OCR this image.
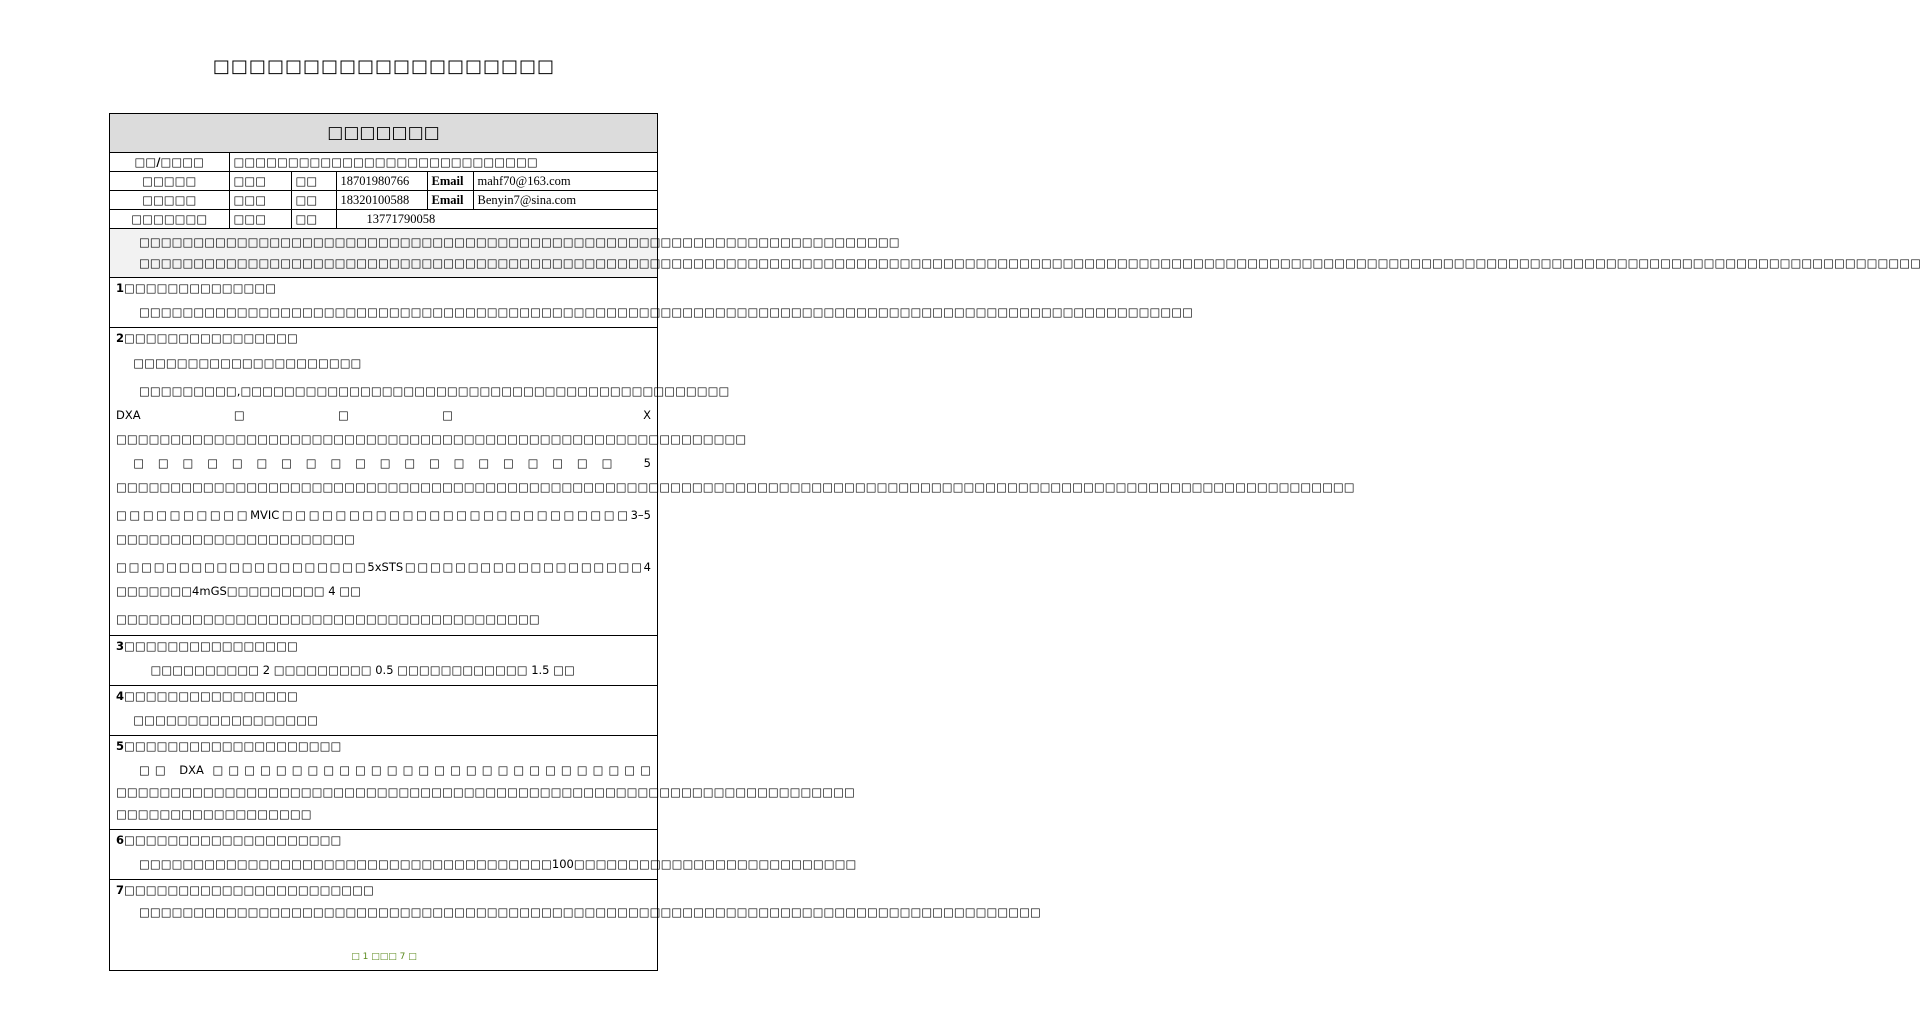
□□□□□□□□□□□□□□□□□□□
□□□□□□□
□□/□□□□	□□□□□□□□□□□□□□□□□□□□□□□□□□□□				
□□□□□	□□□	□□	18701980766	Email	mahf70@163.com
□□□□□	□□□	□□	18320100588	Email	Benyin7@sina.com
□□□□□□□	□□□	□□	13771790058		

□□□□□□□□□□□□□□□□□□□□□□□□□□□□□□□□□□□□□□□□□□□□□□□□□□□□□□□□□□□□□□□□□□□□□□

□□□□□□□□□□□□□□□□□□□□□□□□□□□□□□□□□□□□□□□□□□□□□□□□□□□□□□□□□□□□□□□□□□□□□□□□□□□□□□□□□□□□□□□□□□□□□□□□□□□□□□□□□□□□□□□□□□□□□□□□□□□□□□□□□□□□□□□□□□□□□□□□□□□□□□□□□□□□□□□□□□□□

1□□□□□□□□□□□□□□

□□□□□□□□□□□□□□□□□□□□□□□□□□□□□□□□□□□□□□□□□□□□□□□□□□□□□□□□□□□□□□□□□□□□□□□□□□□□□□□□□□□□□□□□□□□□□□□□□

2□□□□□□□□□□□□□□□□

□□□□□□□□□□□□□□□□□□□□□

□□□□□□□□□,□□□□□□□□□□□□□□□□□□□□□□□□□□□□□□□□□□□□□□□□□□□□□ DXA□□□ X □□□□□□□□□□□□□□□□□□□□□□□□□□□□□□□□□□□□□□□□□□□□□□□□□□□□□□□□□□

□□□□□□□□□□□□□□□□□□□□ 5 □□□□□□□□□□□□□□□□□□□□□□□□□□□□□□□□□□□□□□□□□□□□□□□□□□□□□□□□□□□□□□□□□□□□□□□□□□□□□□□□□□□□□□□□□□□□□□□□□□□□□□□□□□□□□□□□□□

□□□□□□□□□□MVIC□□□□□□□□□□□□□□□□□□□□□□□□□□3–5 □□□□□□□□□□□□□□□□□□□□□□

□□□□□□□□□□□□□□□□□□□□5xSTS□□□□□□□□□□□□□□□□□□□4 □□□□□□□4mGS□□□□□□□□□ 4 □□

□□□□□□□□□□□□□□□□□□□□□□□□□□□□□□□□□□□□□□□

3□□□□□□□□□□□□□□□□

□□□□□□□□□□ 2 □□□□□□□□□ 0.5 □□□□□□□□□□□□ 1.5 □□

4□□□□□□□□□□□□□□□□

□□□□□□□□□□□□□□□□□

5□□□□□□□□□□□□□□□□□□□□

□□ DXA □□□□□□□□□□□□□□□□□□□□□□□□□□□□ □□□□□□□□□□□□□□□□□□□□□□□□□□□□□□□□□□□□□□□□□□□□□□□□□□□□□□□□□□□□□□□□□□□□ □□□□□□□□□□□□□□□□□□

6□□□□□□□□□□□□□□□□□□□□

□□□□□□□□□□□□□□□□□□□□□□□□□□□□□□□□□□□□□□100□□□□□□□□□□□□□□□□□□□□□□□□□□

7□□□□□□□□□□□□□□□□□□□□□□□

□□□□□□□□□□□□□□□□□□□□□□□□□□□□□□□□□□□□□□□□□□□□□□□□□□□□□□□□□□□□□□□□□□□□□□□□□□□□□□□□□□□

□ 1 □□□ 7 □
